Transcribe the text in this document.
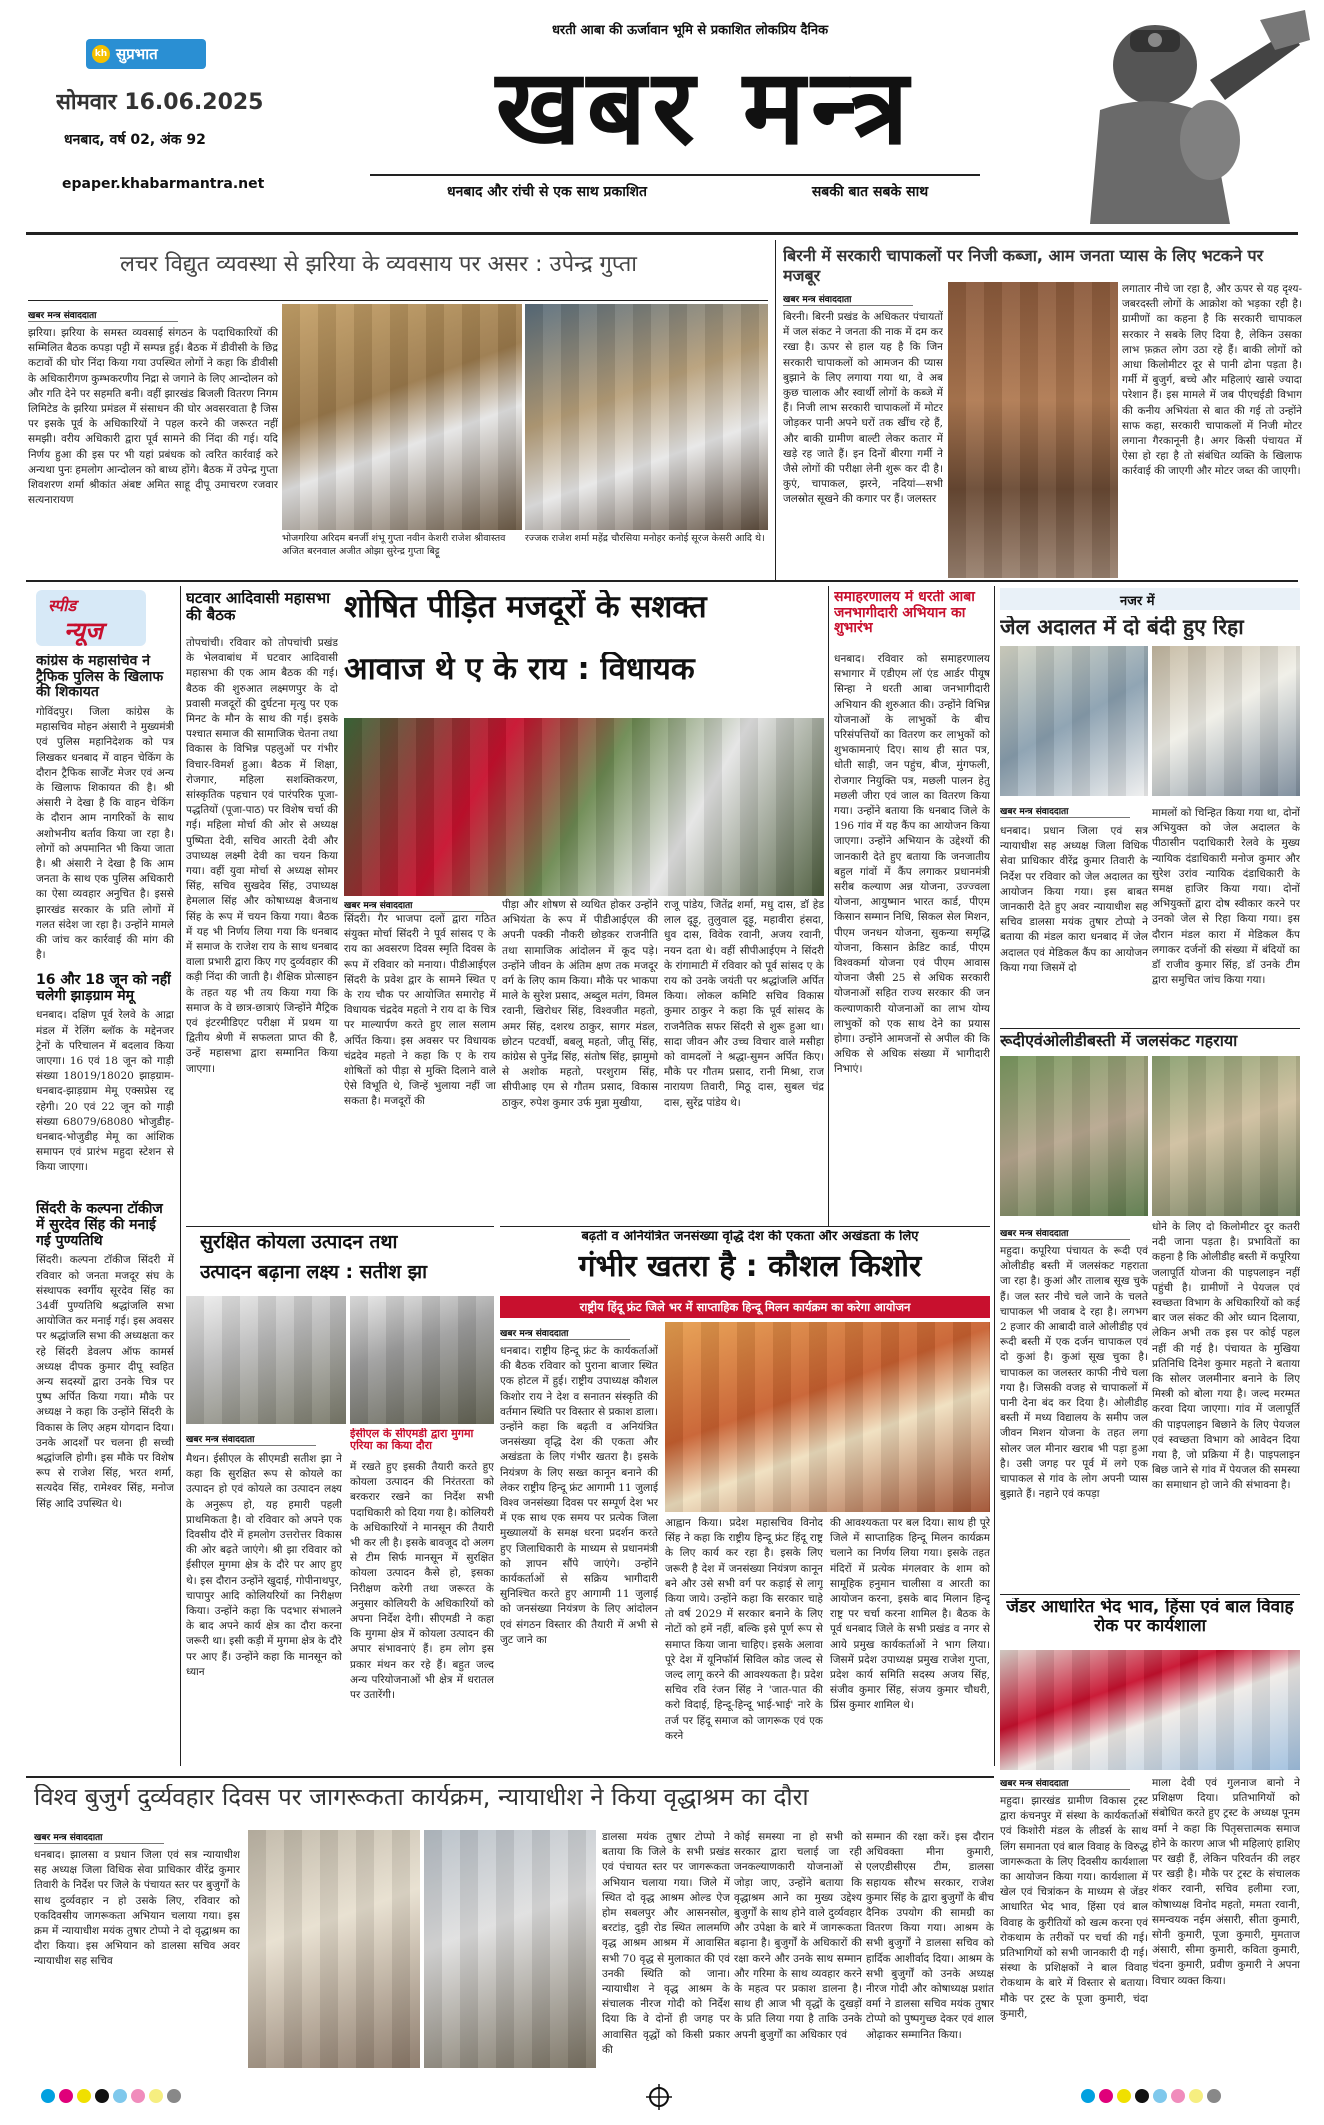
धरती आबा की ऊर्जावान भूमि से प्रकाशित लोकप्रिय दैनिक
kh सुप्रभात
सोमवार 16.06.2025
धनबाद, वर्ष 02, अंक 92
epaper.khabarmantra.net
खबर मन्त्र
धनबाद और रांची से एक साथ प्रकाशित	सबकी बात सबके साथ
लचर विद्युत व्यवस्था से झरिया के व्यवसाय पर असर : उपेन्द्र गुप्ता
खबर मन्त्र संवाददाता
झरिया। झरिया के समस्त व्यवसाई संगठन के पदाधिकारियों की सम्मिलित बैठक कपड़ा पट्टी में सम्पन्न हुई। बैठक में डीवीसी के छिद्र कटावों की घोर निंदा किया गया उपस्थित लोगों ने कहा कि डीवीसी के अधिकारीगण कुम्भकरणीय निद्रा से जगाने के लिए आन्दोलन को और गति देने पर सहमति बनी। वहीं झारखंड बिजली वितरण निगम लिमिटेड के झरिया प्रमंडल में संसाधन की घोर अवसरवाता है जिस पर इसके पूर्व के अधिकारियों ने पहल करने की जरूरत नहीं समझी। वरीय अधिकारी द्वारा पूर्व सामने की निंदा की गई। यदि निर्णय हुआ की इस पर भी यहां प्रबंधक को त्वरित कार्रवाई करे अन्यथा पुनः हमलोग आन्दोलन को बाध्य होंगे। बैठक में उपेन्द्र गुप्ता शिवशरण शर्मा श्रीकांत अंबष्ट अमित साहू दीपू उमाचरण रजवार सत्यनारायण
भोजगरिया अरिदम बनर्जी शंभू गुप्ता नवीन केशरी राजेश श्रीवास्तव अजित बरनवाल अजीत ओझा सुरेन्द्र गुप्ता बिट्टू
रज्जक राजेश शर्मा महेंद्र चौरसिया मनोहर कनोई सूरज केसरी आदि थे।
बिरनी में सरकारी चापाकलों पर निजी कब्जा, आम जनता प्यास के लिए भटकने पर मजबूर
खबर मन्त्र संवाददाता
बिरनी। बिरनी प्रखंड के अधिकतर पंचायतों में जल संकट ने जनता की नाक में दम कर रखा है। ऊपर से हाल यह है कि जिन सरकारी चापाकलों को आमजन की प्यास बुझाने के लिए लगाया गया था, वे अब कुछ चालाक और स्वार्थी लोगों के कब्जे में हैं। निजी लाभ सरकारी चापाकलों में मोटर जोड़कर पानी अपने घरों तक खींच रहे हैं, और बाकी ग्रामीण बाल्टी लेकर कतार में खड़े रह जाते हैं। इन दिनों बीरगा गर्मी ने जैसे लोगों की परीक्षा लेनी शुरू कर दी है। कुएं, चापाकल, झरने, नदियां—सभी जलस्रोत सूखने की कगार पर हैं। जलस्तर
लगातार नीचे जा रहा है, और ऊपर से यह दृश्य-जबरदस्ती लोगों के आक्रोश को भड़का रही है। ग्रामीणों का कहना है कि सरकारी चापाकल सरकार ने सबके लिए दिया है, लेकिन उसका लाभ फ़क़त लोग उठा रहे हैं। बाकी लोगों को आधा किलोमीटर दूर से पानी ढोना पड़ता है। गर्मी में बुजुर्ग, बच्चे और महिलाएं खासे ज्यादा परेशान हैं। इस मामले में जब पीएचईडी विभाग की कनीय अभियंता से बात की गई तो उन्होंने साफ कहा, सरकारी चापाकलों में निजी मोटर लगाना गैरकानूनी है। अगर किसी पंचायत में ऐसा हो रहा है तो संबंधित व्यक्ति के खिलाफ कार्रवाई की जाएगी और मोटर जब्त की जाएगी।
स्पीड
न्यूज
कांग्रेस के महासचिव ने ट्रैफिक पुलिस के खिलाफ की शिकायत
गोविंदपुर। जिला कांग्रेस के महासचिव मोहन अंसारी ने मुख्यमंत्री एवं पुलिस महानिदेशक को पत्र लिखकर धनबाद में वाहन चेकिंग के दौरान ट्रैफिक सार्जेंट मेजर एवं अन्य के खिलाफ शिकायत की है। श्री अंसारी ने देखा है कि वाहन चेकिंग के दौरान आम नागरिकों के साथ अशोभनीय बर्ताव किया जा रहा है। लोगों को अपमानित भी किया जाता है। श्री अंसारी ने देखा है कि आम जनता के साथ एक पुलिस अधिकारी का ऐसा व्यवहार अनुचित है। इससे झारखंड सरकार के प्रति लोगों में गलत संदेश जा रहा है। उन्होंने मामले की जांच कर कार्रवाई की मांग की है।
16 और 18 जून को नहीं चलेगी झाड़ग्राम मेमू
धनबाद। दक्षिण पूर्व रेलवे के आद्रा मंडल में रेलिंग ब्लॉक के मद्देनजर ट्रेनों के परिचालन में बदलाव किया जाएगा। 16 एवं 18 जून को गाड़ी संख्या 18019/18020 झाड़ग्राम-धनबाद-झाड़ग्राम मेमू एक्सप्रेस रद्द रहेगी। 20 एवं 22 जून को गाड़ी संख्या 68079/68080 भोजुडीह-धनबाद-भोजुडीह मेमू का आंशिक समापन एवं प्रारंभ महुदा स्टेशन से किया जाएगा।
सिंदरी के कल्पना टॉकीज में सुरदेव सिंह की मनाई गई पुण्यतिथि
सिंदरी। कल्पना टॉकीज सिंदरी में रविवार को जनता मजदूर संघ के संस्थापक स्वर्गीय सूरदेव सिंह का 34वीं पुण्यतिथि श्रद्धांजलि सभा आयोजित कर मनाई गई। इस अवसर पर श्रद्धांजलि सभा की अध्यक्षता कर रहे सिंदरी डेवलप ऑफ कामर्स अध्यक्ष दीपक कुमार दीपू स्वहित अन्य सदस्यों द्वारा उनके चित्र पर पुष्प अर्पित किया गया। मौके पर अध्यक्ष ने कहा कि उन्होंने सिंदरी के विकास के लिए अहम योगदान दिया। उनके आदर्शों पर चलना ही सच्ची श्रद्धांजलि होगी। इस मौके पर विशेष रूप से राजेश सिंह, भरत शर्मा, सत्यदेव सिंह, रामेश्वर सिंह, मनोज सिंह आदि उपस्थित थे।
घटवार आदिवासी महासभा की बैठक
तोपचांची। रविवार को तोपचांची प्रखंड के भेलवाबांध में घटवार आदिवासी महासभा की एक आम बैठक की गई। बैठक की शुरुआत लक्ष्मणपुर के दो प्रवासी मजदूरों की दुर्घटना मृत्यु पर एक मिनट के मौन के साथ की गई। इसके पश्चात समाज की सामाजिक चेतना तथा विकास के विभिन्न पहलुओं पर गंभीर विचार-विमर्श हुआ। बैठक में शिक्षा, रोजगार, महिला सशक्तिकरण, सांस्कृतिक पहचान एवं पारंपरिक पूजा-पद्धतियों (पूजा-पाठ) पर विशेष चर्चा की गई। महिला मोर्चा की ओर से अध्यक्ष पुष्पिता देवी, सचिव आरती देवी और उपाध्यक्ष लक्ष्मी देवी का चयन किया गया। वहीं युवा मोर्चा से अध्यक्ष सोमर सिंह, सचिव सुखदेव सिंह, उपाध्यक्ष हेमलाल सिंह और कोषाध्यक्ष बैजनाथ सिंह के रूप में चयन किया गया। बैठक में यह भी निर्णय लिया गया कि धनबाद में समाज के राजेश राय के साथ धनबाद वाला प्रभारी द्वारा किए गए दुर्व्यवहार की कड़ी निंदा की जाती है। शैक्षिक प्रोत्साहन के तहत यह भी तय किया गया कि समाज के वे छात्र-छात्राएं जिन्होंने मैट्रिक एवं इंटरमीडिएट परीक्षा में प्रथम या द्वितीय श्रेणी में सफलता प्राप्त की है, उन्हें महासभा द्वारा सम्मानित किया जाएगा।
शोषित पीड़ित मजदूरों के सशक्त
आवाज थे ए के राय : विधायक
खबर मन्त्र संवाददाता
सिंदरी। गैर भाजपा दलों द्वारा गठित संयुक्त मोर्चा सिंदरी ने पूर्व सांसद ए के राय का अवसरण दिवस स्मृति दिवस के रूप में रविवार को मनाया। पीडीआईएल सिंदरी के प्रवेश द्वार के सामने स्थित ए के राय चौक पर आयोजित समारोह में विधायक चंद्रदेव महतो ने राय दा के चित्र पर माल्यार्पण करते हुए लाल सलाम अर्पित किया। इस अवसर पर विधायक चंद्रदेव महतो ने कहा कि ए के राय शोषितों को पीड़ा से मुक्ति दिलाने वाले ऐसे विभूति थे, जिन्हें भुलाया नहीं जा सकता है। मजदूरों की
पीड़ा और शोषण से व्यथित होकर उन्होंने अभियंता के रूप में पीडीआईएल की अपनी पक्की नौकरी छोड़कर राजनीति तथा सामाजिक आंदोलन में कूद पड़े। उन्होंने जीवन के अंतिम क्षण तक मजदूर वर्ग के लिए काम किया। मौके पर भाकपा माले के सुरेश प्रसाद, अब्दुल मतंग, विमल रवानी, खिरोधर सिंह, विश्वजीत महतो, अमर सिंह, दशरथ ठाकुर, सागर मंडल, छोटन पटवर्धी, बबलू महतो, जीतू सिंह, कांग्रेस से पुनेंद्र सिंह, संतोष सिंह, झामुमो से अशोक महतो, परशुराम सिंह, सीपीआइ एम से गौतम प्रसाद, विकास ठाकुर, रुपेश कुमार उर्फ मुन्ना मुखीया,
राजू पांडेय, जितेंद्र शर्मा, मधु दास, डॉ हेड लाल दूड़ू, तुलुवाल दूड़ू, महावीरा हंसदा, धुव दास, विवेक रवानी, अजय रवानी, नयन दता थे। वहीं सीपीआईएम ने सिंदरी के रांगामाटी में रविवार को पूर्व सांसद ए के राय को उनके जयंती पर श्रद्धांजलि अर्पित किया। लोकल कमिटि सचिव विकास कुमार ठाकुर ने कहा कि पूर्व सांसद के राजनैतिक सफर सिंदरी से शुरू हुआ था। सादा जीवन और उच्च विचार वाले मसीहा को वामदलों ने श्रद्धा-सुमन अर्पित किए। मौके पर गौतम प्रसाद, रानी मिश्रा, राज नारायण तिवारी, मिठू दास, सुबल चंद्र दास, सुरेंद्र पांडेय थे।
समाहरणालय में धरती आबा जनभागीदारी अभियान का शुभारंभ
धनबाद। रविवार को समाहरणालय सभागार में एडीएम लॉ एंड आर्डर पीयूष सिन्हा ने धरती आबा जनभागीदारी अभियान की शुरुआत की। उन्होंने विभिन्न योजनाओं के लाभुकों के बीच परिसंपत्तियों का वितरण कर लाभुकों को शुभकामनाएं दिए। साथ ही सात पत्र, धोती साड़ी, जन पहुंच, बीज, मुंगफली, रोजगार नियुक्ति पत्र, मछली पालन हेतु मछली जीरा एवं जाल का वितरण किया गया। उन्होंने बताया कि धनबाद जिले के 196 गांव में यह कैंप का आयोजन किया जाएगा। उन्होंने अभियान के उद्देश्यों की जानकारी देते हुए बताया कि जनजातीय बहुल गांवों में कैंप लगाकर प्रधानमंत्री सरीब कल्याण अन्न योजना, उज्ज्वला योजना, आयुष्मान भारत कार्ड, पीएम किसान सम्मान निधि, सिकल सेल मिशन, पीएम जनधन योजना, सुकन्या समृद्धि योजना, किसान क्रेडिट कार्ड, पीएम विश्वकर्मा योजना एवं पीएम आवास योजना जैसी 25 से अधिक सरकारी योजनाओं सहित राज्य सरकार की जन कल्याणकारी योजनाओं का लाभ योग्य लाभुकों को एक साथ देने का प्रयास होगा। उन्होंने आमजनों से अपील की कि अधिक से अधिक संख्या में भागीदारी निभाएं।
नजर में
जेल अदालत में दो बंदी हुए रिहा
खबर मन्त्र संवाददाता
धनबाद। प्रधान जिला एवं सत्र न्यायाधीश सह अध्यक्ष जिला विधिक सेवा प्राधिकार वीरेंद्र कुमार तिवारी के निर्देश पर रविवार को जेल अदालत का आयोजन किया गया। इस बाबत जानकारी देते हुए अवर न्यायाधीश सह सचिव डालसा मयंक तुषार टोप्पो ने बताया की मंडल कारा धनबाद में जेल अदालत एवं मेडिकल कैंप का आयोजन किया गया जिसमें दो
मामलों को चिन्हित किया गया था, दोनों अभियुक्त को जेल अदालत के पीठासीन पदाधिकारी रेलवे के मुख्य न्यायिक दंडाधिकारी मनोज कुमार और सुरेश उरांव न्यायिक दंडाधिकारी के समक्ष हाजिर किया गया। दोनों अभियुक्तों द्वारा दोष स्वीकार करने पर उनको जेल से रिहा किया गया। इस दौरान मंडल कारा में मेडिकल कैंप लगाकर दर्जनों की संख्या में बंदियों का डॉ राजीव कुमार सिंह, डॉ उनके टीम द्वारा समुचित जांच किया गया।
रूदीएवंओलीडीबस्ती में जलसंकट गहराया
खबर मन्त्र संवाददाता
महुदा। कपूरिया पंचायत के रूदी एवं ओलीडीह बस्ती में जलसंकट गहराता जा रहा है। कुआं और तालाब सूख चुके हैं। जल स्तर नीचे चले जाने के चलते चापाकल भी जवाब दे रहा है। लगभग 2 हजार की आबादी वाले ओलीडीह एवं रूदी बस्ती में एक दर्जन चापाकल एवं दो कुआं है। कुआं सूख चुका है। चापाकल का जलस्तर काफी नीचे चला गया है। जिसकी वजह से चापाकलों में पानी देना बंद कर दिया है। ओलीडीह बस्ती में मध्य विद्यालय के समीप जल जीवन मिशन योजना के तहत लगा सोलर जल मीनार खराब भी पड़ा हुआ है। उसी जगह पर पूर्व में लगे एक चापाकल से गांव के लोग अपनी प्यास बुझाते हैं। नहाने एवं कपड़ा
धोने के लिए दो किलोमीटर दूर कतरी नदी जाना पड़ता है। प्रभावितों का कहना है कि ओलीडीह बस्ती में कपूरिया जलापूर्ति योजना की पाइपलाइन नहीं पहुंची है। ग्रामीणों ने पेयजल एवं स्वच्छता विभाग के अधिकारियों को कई बार जल संकट की ओर ध्यान दिलाया, लेकिन अभी तक इस पर कोई पहल नहीं की गई है। पंचायत के मुखिया प्रतिनिधि दिनेश कुमार महतो ने बताया कि सोलर जलमीनार बनाने के लिए मिस्त्री को बोला गया है। जल्द मरम्मत करवा दिया जाएगा। गांव में जलापूर्ति की पाइपलाइन बिछाने के लिए पेयजल एवं स्वच्छता विभाग को आवेदन दिया गया है, जो प्रक्रिया में है। पाइपलाइन बिछ जाने से गांव में पेयजल की समस्या का समाधान हो जाने की संभावना है।
जेंडर आधारित भेद भाव, हिंसा एवं बाल विवाह रोक पर कार्यशाला
सुरक्षित कोयला उत्पादन तथा
उत्पादन बढ़ाना लक्ष्य : सतीश झा
खबर मन्त्र संवाददाता	ईसीएल के सीएमडी द्वारा मुगमा एरिया का किया दौरा
मैथन। ईसीएल के सीएमडी सतीश झा ने कहा कि सुरक्षित रूप से कोयले का उत्पादन हो एवं कोयले का उत्पादन लक्ष्य के अनुरूप हो, यह हमारी पहली प्राथमिकता है। वो रविवार को अपने एक दिवसीय दौरे में हमलोग उत्तरोत्तर विकास की ओर बढ़ते जाएंगे। श्री झा रविवार को ईसीएल मुगमा क्षेत्र के दौरे पर आए हुए थे। इस दौरान उन्होंने खुदाई, गोपीनाथपुर, चापापुर आदि कोलियरियों का निरीक्षण किया। उन्होंने कहा कि पदभार संभालने के बाद अपने कार्य क्षेत्र का दौरा करना जरूरी था। इसी कड़ी में मुगमा क्षेत्र के दौरे पर आए हैं। उन्होंने कहा कि मानसून को ध्यान
में रखते हुए इसकी तैयारी करते हुए कोयला उत्पादन की निरंतरता को बरकरार रखने का निर्देश सभी पदाधिकारी को दिया गया है। कोलियरी के अधिकारियों ने मानसून की तैयारी भी कर ली है। इसके बावजूद दो अलग से टीम सिर्फ मानसून में सुरक्षित कोयला उत्पादन कैसे हो, इसका निरीक्षण करेगी तथा जरूरत के अनुसार कोलियरी के अधिकारियों को अपना निर्देश देगी। सीएमडी ने कहा कि मुगमा क्षेत्र में कोयला उत्पादन की अपार संभावनाएं हैं। हम लोग इस प्रकार मंथन कर रहे हैं। बहुत जल्द अन्य परियोजनाओं भी क्षेत्र में धरातल पर उतारेंगी।
बढ़ती व अनियंत्रित जनसंख्या वृद्धि देश की एकता और अखंडता के लिए
गंभीर खतरा है : कौशल किशोर
राष्ट्रीय हिंदू फ्रंट जिले भर में साप्ताहिक हिन्दू मिलन कार्यक्रम का करेगा आयोजन
खबर मन्त्र संवाददाता
धनबाद। राष्ट्रीय हिन्दू फ्रंट के कार्यकर्ताओं की बैठक रविवार को पुराना बाजार स्थित एक होटल में हुई। राष्ट्रीय उपाध्यक्ष कौशल किशोर राय ने देश व सनातन संस्कृति की वर्तमान स्थिति पर विस्तार से प्रकाश डाला। उन्होंने कहा कि बढ़ती व अनियंत्रित जनसंख्या वृद्धि देश की एकता और अखंडता के लिए गंभीर खतरा है। इसके नियंत्रण के लिए सख्त कानून बनाने की लेकर राष्ट्रीय हिन्दू फ्रंट आगामी 11 जुलाई विश्व जनसंख्या दिवस पर सम्पूर्ण देश भर में एक साथ एक समय पर प्रत्येक जिला मुख्यालयों के समक्ष धरना प्रदर्शन करते हुए जिलाधिकारी के माध्यम से प्रधानमंत्री को ज्ञापन सौंपे जाएंगे। उन्होंने कार्यकर्ताओं से सक्रिय भागीदारी सुनिश्चित करते हुए आगामी 11 जुलाई को जनसंख्या नियंत्रण के लिए आंदोलन एवं संगठन विस्तार की तैयारी में अभी से जुट जाने का
आह्वान किया। प्रदेश महासचिव विनोद सिंह ने कहा कि राष्ट्रीय हिन्दू फ्रंट हिंदू राष्ट्र के लिए कार्य कर रहा है। इसके लिए जरूरी है देश में जनसंख्या नियंत्रण कानून बने और उसे सभी वर्ग पर कड़ाई से लागू किया जाये। उन्होंने कहा कि सरकार चाहे तो वर्ष 2029 में सरकार बनाने के लिए नोटों को हमें नहीं, बल्कि इसे पूर्ण रूप से समाप्त किया जाना चाहिए। इसके अलावा पूरे देश में यूनिफॉर्म सिविल कोड जल्द से जल्द लागू करने की आवश्यकता है। प्रदेश सचिव रवि रंजन सिंह ने 'जात-पात की करो विदाई, हिन्दू-हिन्दू भाई-भाई' नारे के तर्ज पर हिंदू समाज को जागरूक एवं एक करने
की आवश्यकता पर बल दिया। साथ ही पूरे जिले में साप्ताहिक हिन्दू मिलन कार्यक्रम चलाने का निर्णय लिया गया। इसके तहत मंदिरों में प्रत्येक मंगलवार के शाम को सामूहिक हनुमान चालीसा व आरती का आयोजन करना, इसके बाद मिलान हिन्दू राष्ट्र पर चर्चा करना शामिल है। बैठक के पूर्व धनबाद जिले के सभी प्रखंड व नगर से आये प्रमुख कार्यकर्ताओं ने भाग लिया। जिसमें प्रदेश उपाध्यक्ष प्रमुख राजेश गुप्ता, प्रदेश कार्य समिति सदस्य अजय सिंह, संजीव कुमार सिंह, संजय कुमार चौधरी, प्रिंस कुमार शामिल थे।
विश्व बुजुर्ग दुर्व्यवहार दिवस पर जागरूकता कार्यक्रम, न्यायाधीश ने किया वृद्धाश्रम का दौरा
खबर मन्त्र संवाददाता
धनबाद। झालसा व प्रधान जिला एवं सत्र न्यायाधीश सह अध्यक्ष जिला विधिक सेवा प्राधिकार वीरेंद्र कुमार तिवारी के निर्देश पर जिले के पंचायत स्तर पर बुजुर्गों के साथ दुर्व्यवहार न हो उसके लिए, रविवार को एकदिवसीय जागरूकता अभियान चलाया गया। इस क्रम में न्यायाधीश मयंक तुषार टोप्पो ने दो वृद्धाश्रम का दौरा किया। इस अभियान को डालसा सचिव अवर न्यायाधीश सह सचिव
डालसा मयंक तुषार टोप्पो ने बताया कि जिले के सभी प्रखंड एवं पंचायत स्तर पर जागरूकता अभियान चलाया गया। जिले में स्थित दो वृद्ध आश्रम ओल्ड ऐज होम सबलपुर और आसनसोल, बरटांड़, दुड़ी रोड स्थित लालमणि वृद्ध आश्रम आश्रम में आवासित सभी 70 वृद्ध से मुलाकात की एवं उनकी स्थिति को जाना। न्यायाधीश ने वृद्ध आश्रम के संचालक नीरज गोदी को निर्देश दिया कि वे दोनों ही जगह पर आवासित वृद्धों को किसी प्रकार की
कोई समस्या ना हो सभी को सरकार द्वारा चलाई जा रही जनकल्याणकारी योजनाओं से जोड़ा जाए, उन्होंने बताया कि वृद्धाश्रम आने का मुख्य उद्देश्य बुजुर्गों के साथ होने वाले दुर्व्यवहार और उपेक्षा के बारे में जागरूकता बढ़ाना है। बुजुर्गों के अधिकारों की रक्षा करने और उनके साथ सम्मान और गरिमा के साथ व्यवहार करने के महत्व पर प्रकाश डालना है। साथ ही आज भी वृद्धों के दुखड़ों के प्रति लिया गया है ताकि उनके अपनी बुजुर्गों का अधिकार एवं
सम्मान की रक्षा करें। इस दौरान अधिवक्ता मीना कुमारी, एलएडीसीएस टीम, डालसा सहायक सौरभ सरकार, राजेश कुमार सिंह के द्वारा बुजुर्गों के बीच दैनिक उपयोग की सामग्री का वितरण किया गया। आश्रम के सभी बुजुर्गों ने डालसा सचिव को हार्दिक आशीर्वाद दिया। आश्रम के सभी बुजुर्गों को उनके अध्यक्ष नीरज गोदी और कोषाध्यक्ष प्रशांत वर्मा ने डालसा सचिव मयंक तुषार टोप्पो को पुष्पगुच्छ देकर एवं शाल ओढ़ाकर सम्मानित किया।
खबर मन्त्र संवाददाता
महुदा। झारखंड ग्रामीण विकास ट्रस्ट द्वारा कंचनपुर में संस्था के कार्यकर्ताओं एवं किशोरी मंडल के लीडर्स के साथ लिंग समानता एवं बाल विवाह के विरुद्ध जागरूकता के लिए दिवसीय कार्यशाला का आयोजन किया गया। कार्यशाला में खेल एवं चित्रांकन के माध्यम से जेंडर आधारित भेद भाव, हिंसा एवं बाल विवाह के कुरीतियों को खत्म करना एवं रोकथाम के तरीकों पर चर्चा की गई। प्रतिभागियों को सभी जानकारी दी गई। संस्था के प्रशिक्षकों ने बाल विवाह रोकथाम के बारे में विस्तार से बताया। मौके पर ट्रस्ट के पूजा कुमारी, चंदा कुमारी,
माला देवी एवं गुलनाज बानो ने प्रशिक्षण दिया। प्रतिभागियों को संबोधित करते हुए ट्रस्ट के अध्यक्ष पूनम वर्मा ने कहा कि पितृसत्तात्मक समाज होने के कारण आज भी महिलाएं हाशिए पर खड़ी हैं, लेकिन परिवर्तन की लहर पर खड़ी है। मौके पर ट्रस्ट के संचालक शंकर रवानी, सचिव हलीमा रजा, कोषाध्यक्ष विनोद महतो, ममता रवानी, समन्वयक नईम अंसारी, सीता कुमारी, सोनी कुमारी, पूजा कुमारी, मुमताज अंसारी, सीमा कुमारी, कविता कुमारी, चंदना कुमारी, प्रवीण कुमारी ने अपना विचार व्यक्त किया।
